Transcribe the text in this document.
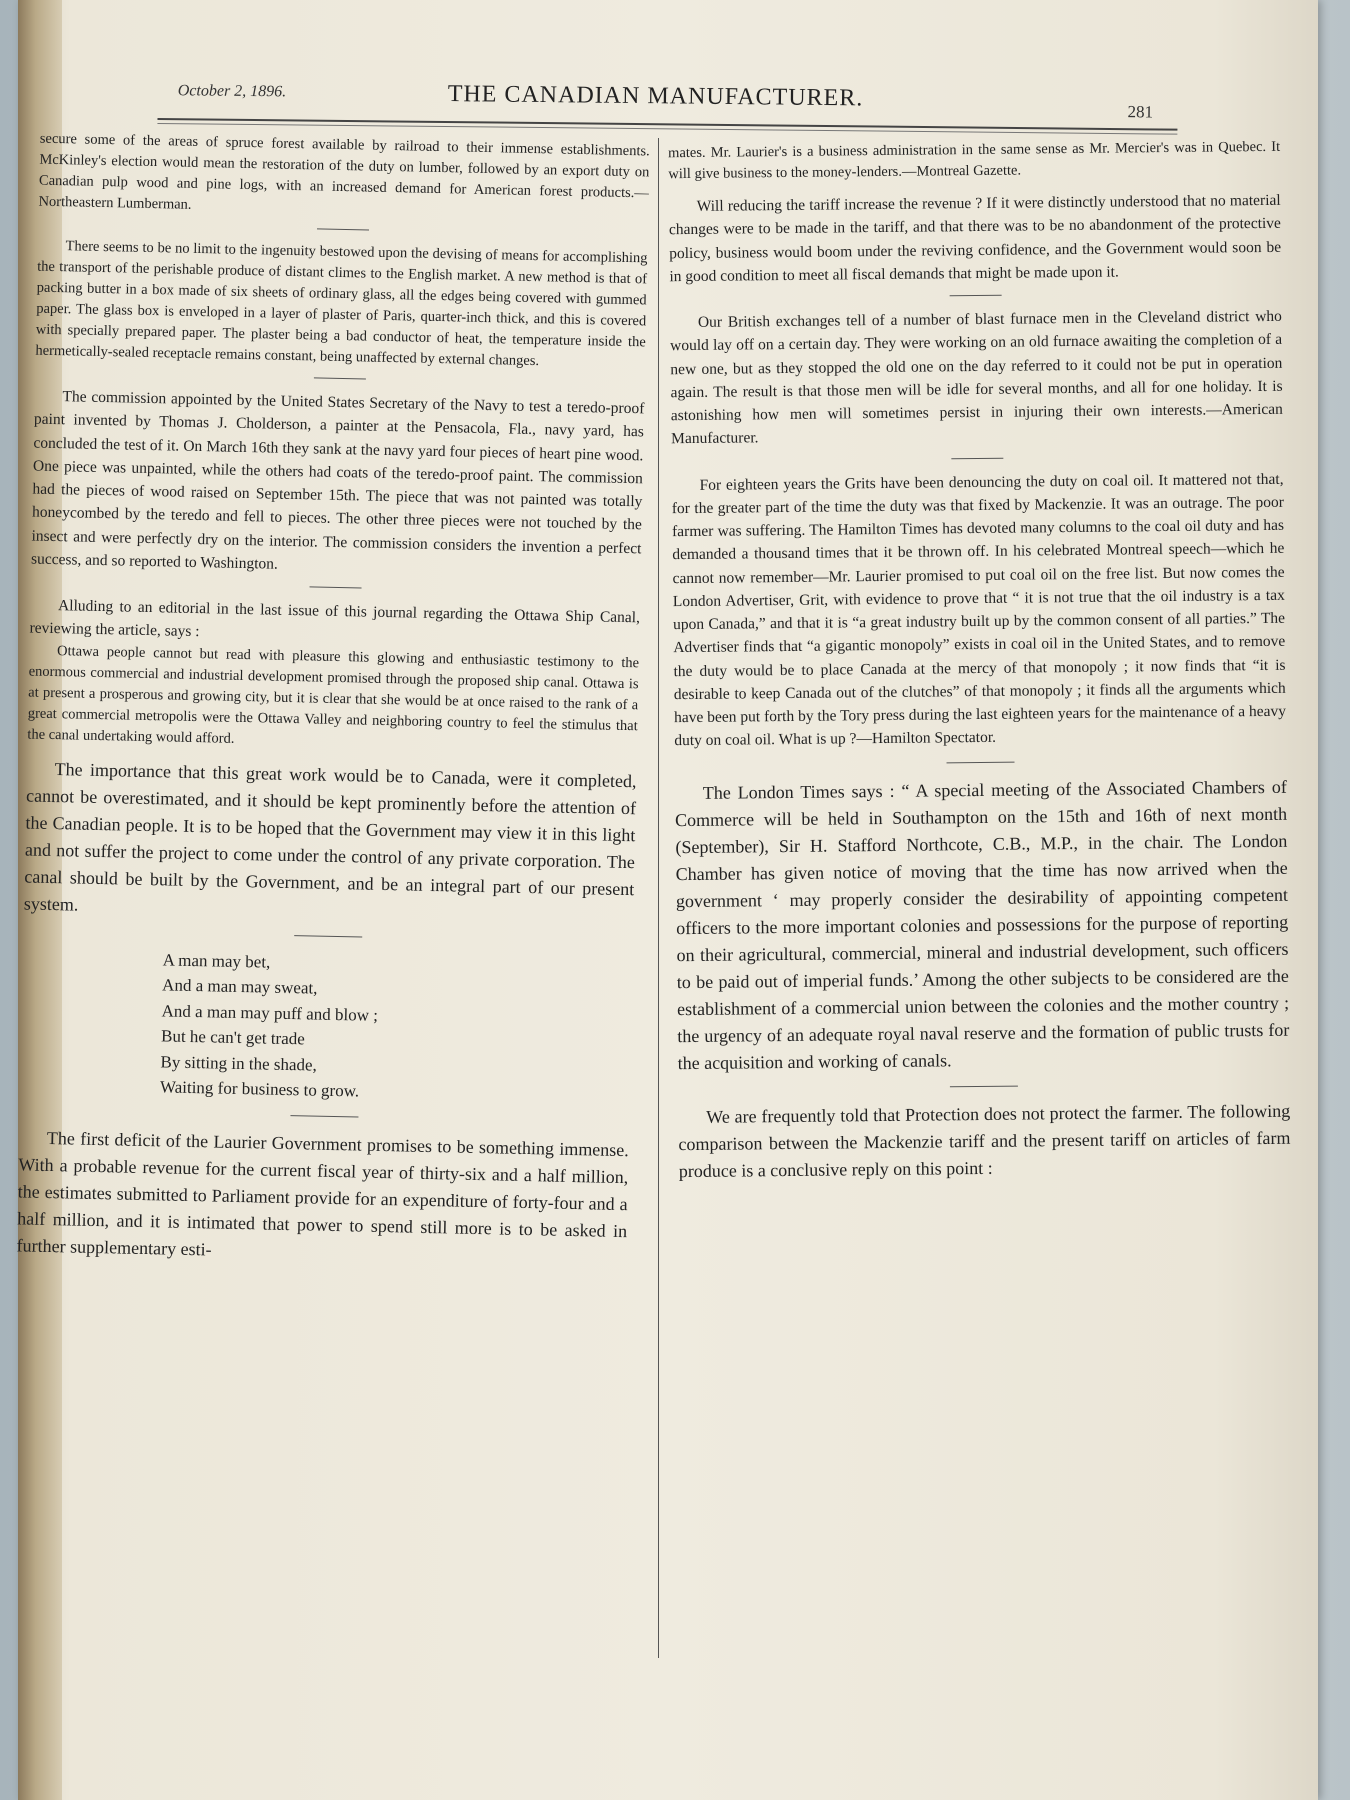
October 2, 1896.	THE CANADIAN MANUFACTURER.
281

secure some of the areas of spruce forest available by railroad to their immense establishments. McKinley's election would mean the restoration of the duty on lumber, followed by an export duty on Canadian pulp wood and pine logs, with an increased demand for American forest products.—Northeastern Lumberman.

There seems to be no limit to the ingenuity bestowed upon the devising of means for accomplishing the transport of the perishable produce of distant climes to the English market. A new method is that of packing butter in a box made of six sheets of ordinary glass, all the edges being covered with gummed paper. The glass box is enveloped in a layer of plaster of Paris, quarter-inch thick, and this is covered with specially prepared paper. The plaster being a bad conductor of heat, the temperature inside the hermetically-sealed receptacle remains constant, being unaffected by external changes.

The commission appointed by the United States Secretary of the Navy to test a teredo-proof paint invented by Thomas J. Cholderson, a painter at the Pensacola, Fla., navy yard, has concluded the test of it. On March 16th they sank at the navy yard four pieces of heart pine wood. One piece was unpainted, while the others had coats of the teredo-proof paint. The commission had the pieces of wood raised on September 15th. The piece that was not painted was totally honeycombed by the teredo and fell to pieces. The other three pieces were not touched by the insect and were perfectly dry on the interior. The commission considers the invention a perfect success, and so reported to Washington.

Alluding to an editorial in the last issue of this journal regarding the Ottawa Ship Canal, reviewing the article, says :

Ottawa people cannot but read with pleasure this glowing and enthusiastic testimony to the enormous commercial and industrial development promised through the proposed ship canal. Ottawa is at present a prosperous and growing city, but it is clear that she would be at once raised to the rank of a great commercial metropolis were the Ottawa Valley and neighboring country to feel the stimulus that the canal undertaking would afford.

The importance that this great work would be to Canada, were it completed, cannot be overestimated, and it should be kept prominently before the attention of the Canadian people. It is to be hoped that the Government may view it in this light and not suffer the project to come under the control of any private corporation. The canal should be built by the Government, and be an integral part of our present system.

A man may bet,
And a man may sweat,
And a man may puff and blow ;
But he can't get trade
By sitting in the shade,
Waiting for business to grow.

The first deficit of the Laurier Government promises to be something immense. With a probable revenue for the current fiscal year of thirty-six and a half million, the estimates submitted to Parliament provide for an expenditure of forty-four and a half million, and it is intimated that power to spend still more is to be asked in further supplementary esti-

mates. Mr. Laurier's is a business administration in the same sense as Mr. Mercier's was in Quebec. It will give business to the money-lenders.—Montreal Gazette.

Will reducing the tariff increase the revenue ? If it were distinctly understood that no material changes were to be made in the tariff, and that there was to be no abandonment of the protective policy, business would boom under the reviving confidence, and the Government would soon be in good condition to meet all fiscal demands that might be made upon it.

Our British exchanges tell of a number of blast furnace men in the Cleveland district who would lay off on a certain day. They were working on an old furnace awaiting the completion of a new one, but as they stopped the old one on the day referred to it could not be put in operation again. The result is that those men will be idle for several months, and all for one holiday. It is astonishing how men will sometimes persist in injuring their own interests.—American Manufacturer.

For eighteen years the Grits have been denouncing the duty on coal oil. It mattered not that, for the greater part of the time the duty was that fixed by Mackenzie. It was an outrage. The poor farmer was suffering. The Hamilton Times has devoted many columns to the coal oil duty and has demanded a thousand times that it be thrown off. In his celebrated Montreal speech—which he cannot now remember—Mr. Laurier promised to put coal oil on the free list. But now comes the London Advertiser, Grit, with evidence to prove that “ it is not true that the oil industry is a tax upon Canada,” and that it is “a great industry built up by the common consent of all parties.” The Advertiser finds that “a gigantic monopoly” exists in coal oil in the United States, and to remove the duty would be to place Canada at the mercy of that monopoly ; it now finds that “it is desirable to keep Canada out of the clutches” of that monopoly ; it finds all the arguments which have been put forth by the Tory press during the last eighteen years for the maintenance of a heavy duty on coal oil. What is up ?—Hamilton Spectator.

The London Times says : “ A special meeting of the Associated Chambers of Commerce will be held in Southampton on the 15th and 16th of next month (September), Sir H. Stafford Northcote, C.B., M.P., in the chair. The London Chamber has given notice of moving that the time has now arrived when the government ‘ may properly consider the desirability of appointing competent officers to the more important colonies and possessions for the purpose of reporting on their agricultural, commercial, mineral and industrial development, such officers to be paid out of imperial funds.’ Among the other subjects to be considered are the establishment of a commercial union between the colonies and the mother country ; the urgency of an adequate royal naval reserve and the formation of public trusts for the acquisition and working of canals.

We are frequently told that Protection does not protect the farmer. The following comparison between the Mackenzie tariff and the present tariff on articles of farm produce is a conclusive reply on this point :
